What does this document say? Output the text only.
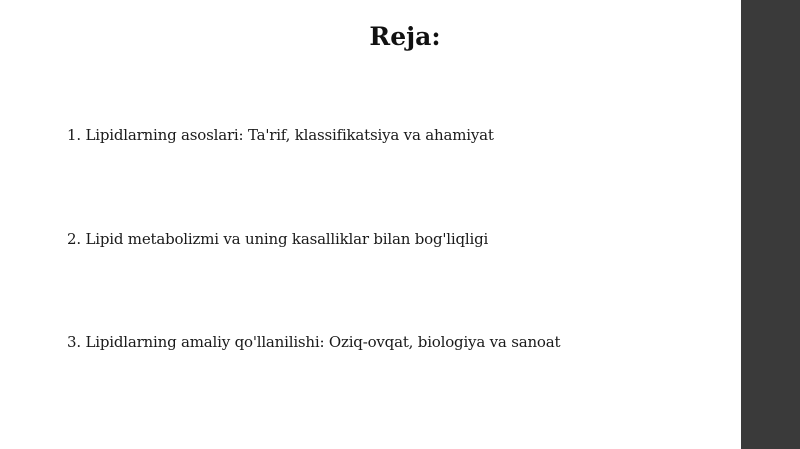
Reja:
1. Lipidlarning asoslari: Ta'rif, klassifikatsiya va ahamiyat
2. Lipid metabolizmi va uning kasalliklar bilan bog'liqligi
3. Lipidlarning amaliy qo'llanilishi: Oziq-ovqat, biologiya va sanoat
